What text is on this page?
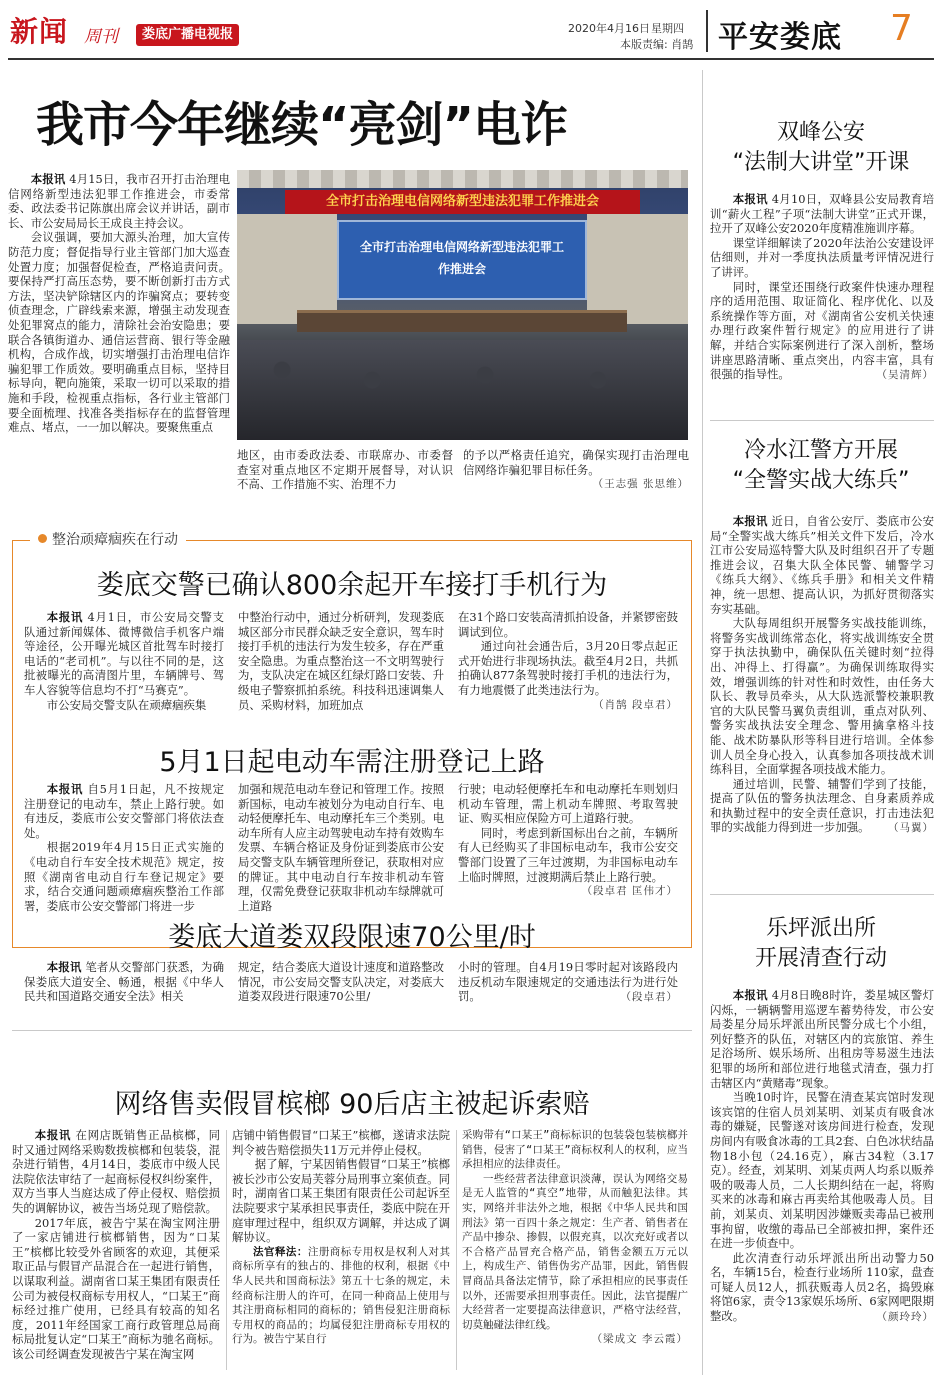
新闻 周刊	娄底广播电视报	2020年4月16日 星期四
本版责编: 肖鹄 平安娄底 7
我市今年继续“亮剑”电诈

本报讯 4月15日，我市召开打击治理电信网络新型违法犯罪工作推进会，市委常委、政法委书记陈旗出席会议并讲话，副市长、市公安局局长王成良主持会议。

会议强调，要加大源头治理，加大宣传防范力度；督促指导行业主管部门加大巡查处置力度；加强督促检查，严格追责问责。要保持严打高压态势，要不断创新打击方式方法，坚决铲除辖区内的诈骗窝点；要转变侦查理念，广辟线索来源，增强主动发现查处犯罪窝点的能力，清除社会治安隐患；要联合各镇街道办、通信运营商、银行等金融机构，合成作战，切实增强打击治理电信诈骗犯罪工作质效。要明确重点目标，坚持目标导向，靶向施策，采取一切可以采取的措施和手段，检视重点指标，各行业主管部门要全面梳理、找准各类指标存在的监督管理难点、堵点，一一加以解决。要聚焦重点

全市打击治理电信网络新型违法犯罪工作推进会
全市打击治理电信网络新型违法犯罪工作推进会

地区，由市委政法委、市联席办、市委督查室对重点地区不定期开展督导，对认识不高、工作措施不实、治理不力

的予以严格责任追究，确保实现打击治理电信网络诈骗犯罪目标任务。

（王志强 张思维）

整治顽瘴痼疾在行动
娄底交警已确认800余起开车接打手机行为

本报讯 4月1日，市公安局交警支队通过新闻媒体、微博微信手机客户端等途径，公开曝光城区首批驾车时接打电话的“老司机”。与以往不同的是，这批被曝光的高清图片里，车辆牌号、驾车人容貌等信息均不打“马赛克”。

市公安局交警支队在顽瘴痼疾集

中整治行动中，通过分析研判，发现娄底城区部分市民群众缺乏安全意识，驾车时接打手机的违法行为发生较多，存在严重安全隐患。为重点整治这一不文明驾驶行为，支队决定在城区红绿灯路口安装、升级电子警察抓拍系统。科技科迅速调集人员、采购材料，加班加点

在31个路口安装高清抓拍设备，并紧锣密鼓调试到位。

通过向社会通告后，3月20日零点起正式开始进行非现场执法。截至4月2日，共抓拍确认877条驾驶时接打手机的违法行为，有力地震慑了此类违法行为。

（肖鹄 段卓君）

5月1日起电动车需注册登记上路

本报讯 自5月1日起，凡不按规定注册登记的电动车，禁止上路行驶。如有违反，娄底市公安交警部门将依法查处。

根据2019年4月15日正式实施的《电动自行车安全技术规范》规定，按照《湖南省电动自行车登记规定》要求，结合交通问题顽瘴痼疾整治工作部署，娄底市公安交警部门将进一步

加强和规范电动车登记和管理工作。按照新国标，电动车被划分为电动自行车、电动轻便摩托车、电动摩托车三个类别。电动车所有人应主动驾驶电动车持有效购车发票、车辆合格证及身份证到娄底市公安局交警支队车辆管理所登记，获取相对应的牌证。其中电动自行车按非机动车管理，仅需免费登记获取非机动车绿牌就可上道路

行驶；电动轻便摩托车和电动摩托车则划归机动车管理，需上机动车牌照、考取驾驶证、购买相应保险方可上道路行驶。

同时，考虑到新国标出台之前，车辆所有人已经购买了非国标电动车，我市公安交警部门设置了三年过渡期，为非国标电动车上临时牌照，过渡期满后禁止上路行驶。

（段卓君 匡伟才）

娄底大道娄双段限速70公里/时

本报讯 笔者从交警部门获悉，为确保娄底大道安全、畅通，根据《中华人民共和国道路交通安全法》相关

规定，结合娄底大道设计速度和道路整改情况，市公安局交警支队决定，对娄底大道娄双段进行限速70公里/

小时的管理。自4月19日零时起对该路段内违反机动车限速规定的交通违法行为进行处罚。	（段卓君）

网络售卖假冒槟榔 90后店主被起诉索赔

本报讯 在网店既销售正品槟榔，同时又通过网络采购数拨槟榔和包装袋，混杂进行销售，4月14日，娄底市中级人民法院依法审结了一起商标侵权纠纷案件，双方当事人当庭达成了停止侵权、赔偿损失的调解协议，被告当场兑现了赔偿款。

2017年底，被告宁某在淘宝网注册了一家店铺进行槟榔销售，因为“口某王”槟榔比较受外省顾客的欢迎，其便采取正品与假冒产品混合在一起进行销售，以谋取利益。湖南省口某王集团有限责任公司为被侵权商标专用权人，“口某王”商标经过推广使用，已经具有较高的知名度，2011年经国家工商行政管理总局商标局批复认定“口某王”商标为驰名商标。该公司经调查发现被告宁某在淘宝网

店铺中销售假冒“口某王”槟榔，遂请求法院判令被告赔偿损失11万元并停止侵权。

据了解，宁某因销售假冒“口某王”槟榔被长沙市公安局芙蓉分局刑事立案侦查。同时，湖南省口某王集团有限责任公司起诉至法院要求宁某承担民事责任，娄底中院在开庭审理过程中，组织双方调解，并达成了调解协议。

法官释法：注册商标专用权是权利人对其商标所享有的独占的、排他的权利，根据《中华人民共和国商标法》第五十七条的规定，未经商标注册人的许可，在同一种商品上使用与其注册商标相同的商标的；销售侵犯注册商标专用权的商品的；均属侵犯注册商标专用权的行为。被告宁某自行

采购带有“口某王”商标标识的包装袋包装槟榔并销售，侵害了“口某王”商标权利人的权利，应当承担相应的法律责任。

一些经营者法律意识淡薄，误认为网络交易是无人监管的“真空”地带，从而触犯法律。其实，网络并非法外之地，根据《中华人民共和国刑法》第一百四十条之规定：生产者、销售者在产品中掺杂、掺假，以假充真，以次充好或者以不合格产品冒充合格产品，销售金额五万元以上，构成生产、销售伪劣产品罪，因此，销售假冒商品具备法定情节，除了承担相应的民事责任以外，还需要承担刑事责任。因此，法官提醒广大经营者一定要提高法律意识，严格守法经营，切莫触碰法律红线。

（梁成文 李云霞）

双峰公安
“法制大讲堂”开课

本报讯 4月10日，双峰县公安局教育培训“薪火工程”子项“法制大讲堂”正式开课，拉开了双峰公安2020年度精准施训序幕。

课堂详细解读了2020年法治公安建设评估细则，并对一季度执法质量考评情况进行了讲评。

同时，课堂还围绕行政案件快速办理程序的适用范围、取证简化、程序优化、以及系统操作等方面，对《湖南省公安机关快速办理行政案件暂行规定》的应用进行了讲解，并结合实际案例进行了深入剖析，整场讲座思路清晰、重点突出，内容丰富，具有很强的指导性。	（吴清辉）

冷水江警方开展
“全警实战大练兵”

本报讯 近日，自省公安厅、娄底市公安局“全警实战大练兵”相关文件下发后，冷水江市公安局巡特警大队及时组织召开了专题推进会议，召集大队全体民警、辅警学习《练兵大纲》、《练兵手册》和相关文件精神，统一思想、提高认识，为抓好贯彻落实夯实基础。

大队每周组织开展警务实战技能训练，将警务实战训练常态化，将实战训练安全贯穿于执法执勤中，确保队伍关键时刻“拉得出、冲得上、打得赢”。为确保训练取得实效，增强训练的针对性和时效性，由任务大队长、教导员牵头，从大队选派警校兼职教官的大队民警马翼负责组训，重点对队列、警务实战执法安全理念、警用擒拿格斗技能、战术防暴队形等科目进行培训。全体参训人员全身心投入，认真参加各项技战术训练科目，全面掌握各项技战术能力。

通过培训，民警、辅警们学到了技能，提高了队伍的警务执法理念、自身素质养成和执勤过程中的安全责任意识，打击违法犯罪的实战能力得到进一步加强。	（马翼）

乐坪派出所
开展清查行动

本报讯 4月8日晚8时许，娄星城区警灯闪烁，一辆辆警用巡逻车蓄势待发，市公安局娄星分局乐坪派出所民警分成七个小组，列好整齐的队伍，对辖区内的宾旅馆、养生足浴场所、娱乐场所、出租房等易滋生违法犯罪的场所和部位进行地毯式清查，强力打击辖区内“黄赌毒”现象。

当晚10时许，民警在清查某宾馆时发现该宾馆的住宿人员刘某明、刘某贞有吸食冰毒的嫌疑，民警遂对该房间进行检查，发现房间内有吸食冰毒的工具2套、白色冰状结晶物18小包（24.16克），麻古34粒（3.17克）。经查，刘某明、刘某贞两人均系以贩养吸的吸毒人员，二人长期纠结在一起，将购买来的冰毒和麻古再卖给其他吸毒人员。目前，刘某贞、刘某明因涉嫌贩卖毒品已被刑事拘留，收缴的毒品已全部被扣押，案件还在进一步侦查中。

此次清查行动乐坪派出所出动警力50名，车辆15台，检查行业场所 110家，盘查可疑人员12人，抓获贩毒人员2名，捣毁麻将馆6家，责令13家娱乐场所、6家网吧限期整改。	（颜玲玲）
